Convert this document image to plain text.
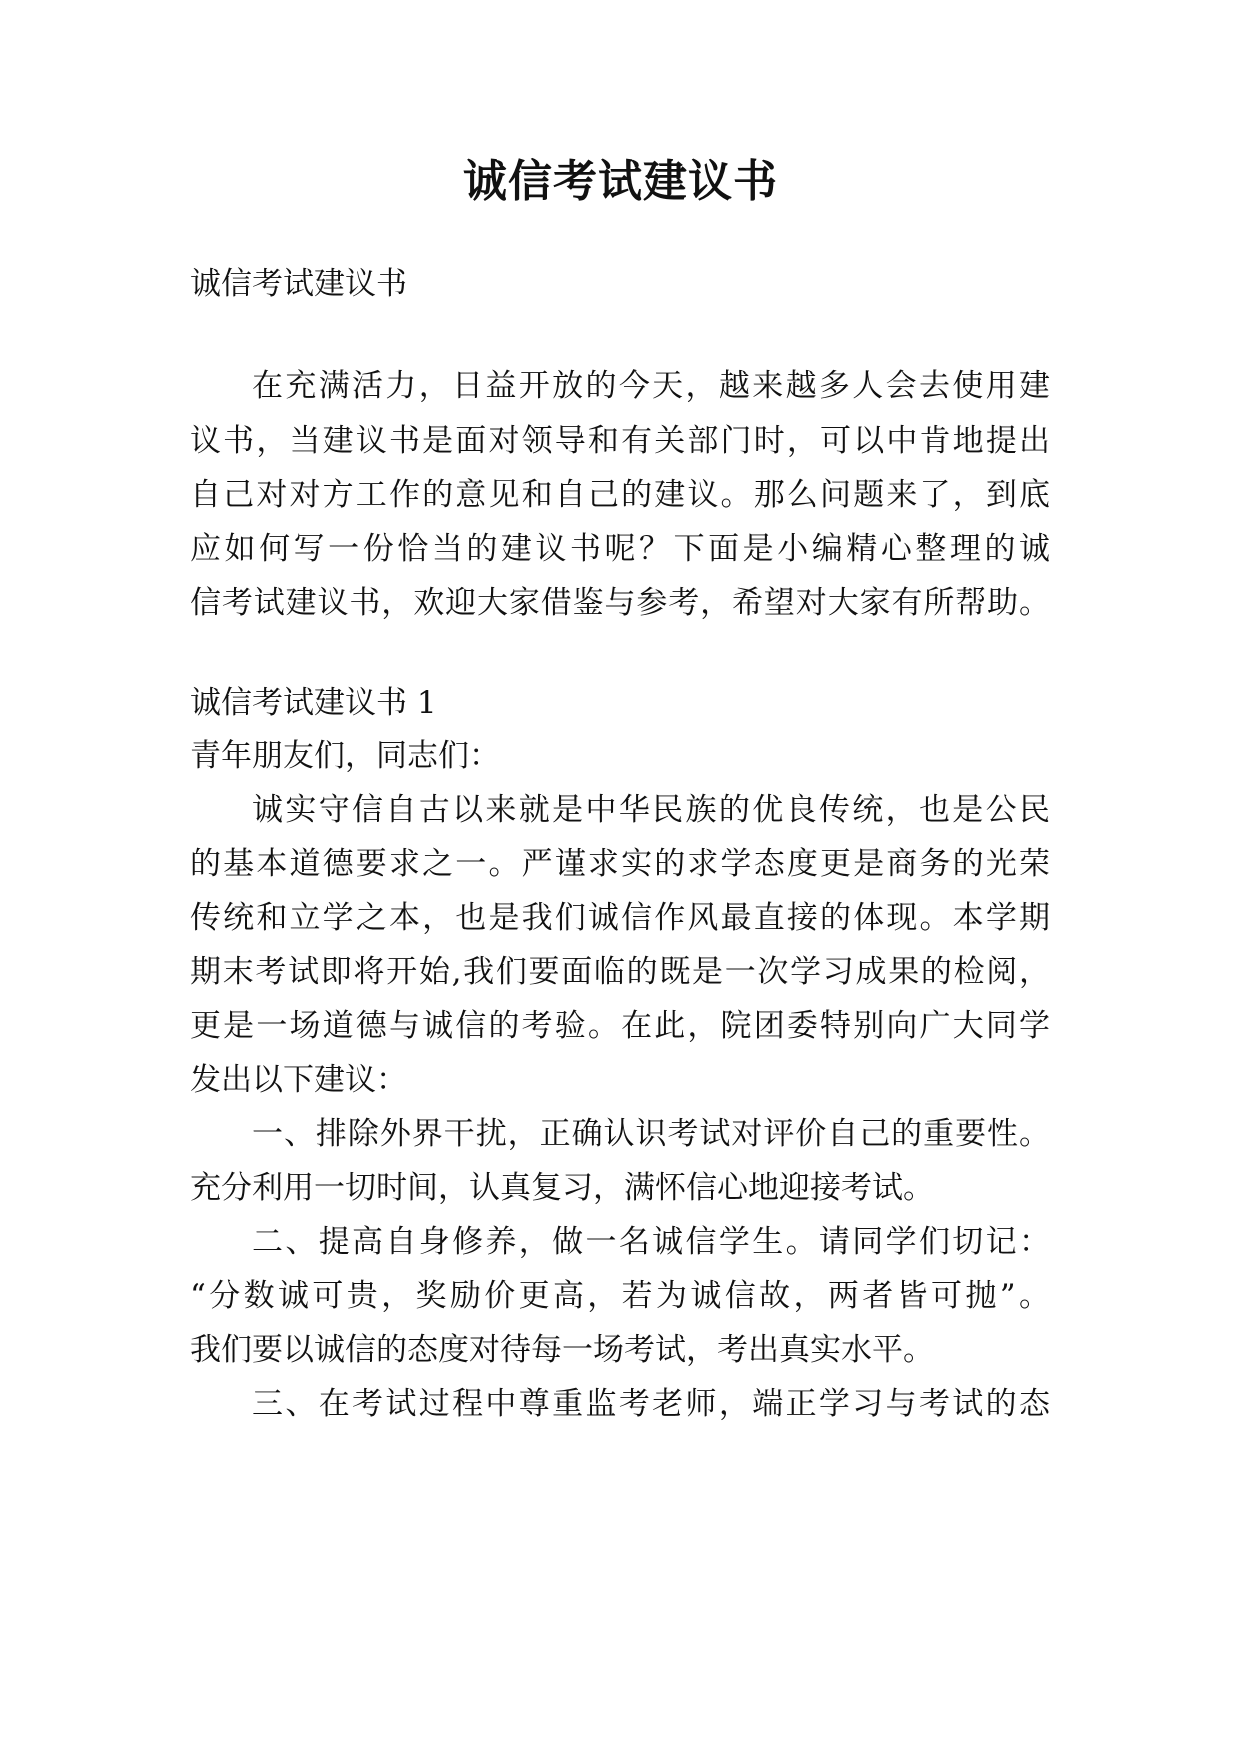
诚信考试建议书
诚信考试建议书
在充满活力，日益开放的今天，越来越多人会去使用建
议书，当建议书是面对领导和有关部门时，可以中肯地提出
自己对对方工作的意见和自己的建议。那么问题来了，到底
应如何写一份恰当的建议书呢？下面是小编精心整理的诚
信考试建议书，欢迎大家借鉴与参考，希望对大家有所帮助。
诚信考试建议书 1
青年朋友们，同志们：
诚实守信自古以来就是中华民族的优良传统，也是公民
的基本道德要求之一。严谨求实的求学态度更是商务的光荣
传统和立学之本，也是我们诚信作风最直接的体现。本学期
期末考试即将开始,我们要面临的既是一次学习成果的检阅，
更是一场道德与诚信的考验。在此，院团委特别向广大同学
发出以下建议：
一、排除外界干扰，正确认识考试对评价自己的重要性。
充分利用一切时间，认真复习，满怀信心地迎接考试。
二、提高自身修养，做一名诚信学生。请同学们切记：
“分数诚可贵，奖励价更高，若为诚信故，两者皆可抛”。
我们要以诚信的态度对待每一场考试，考出真实水平。
三、在考试过程中尊重监考老师，端正学习与考试的态
